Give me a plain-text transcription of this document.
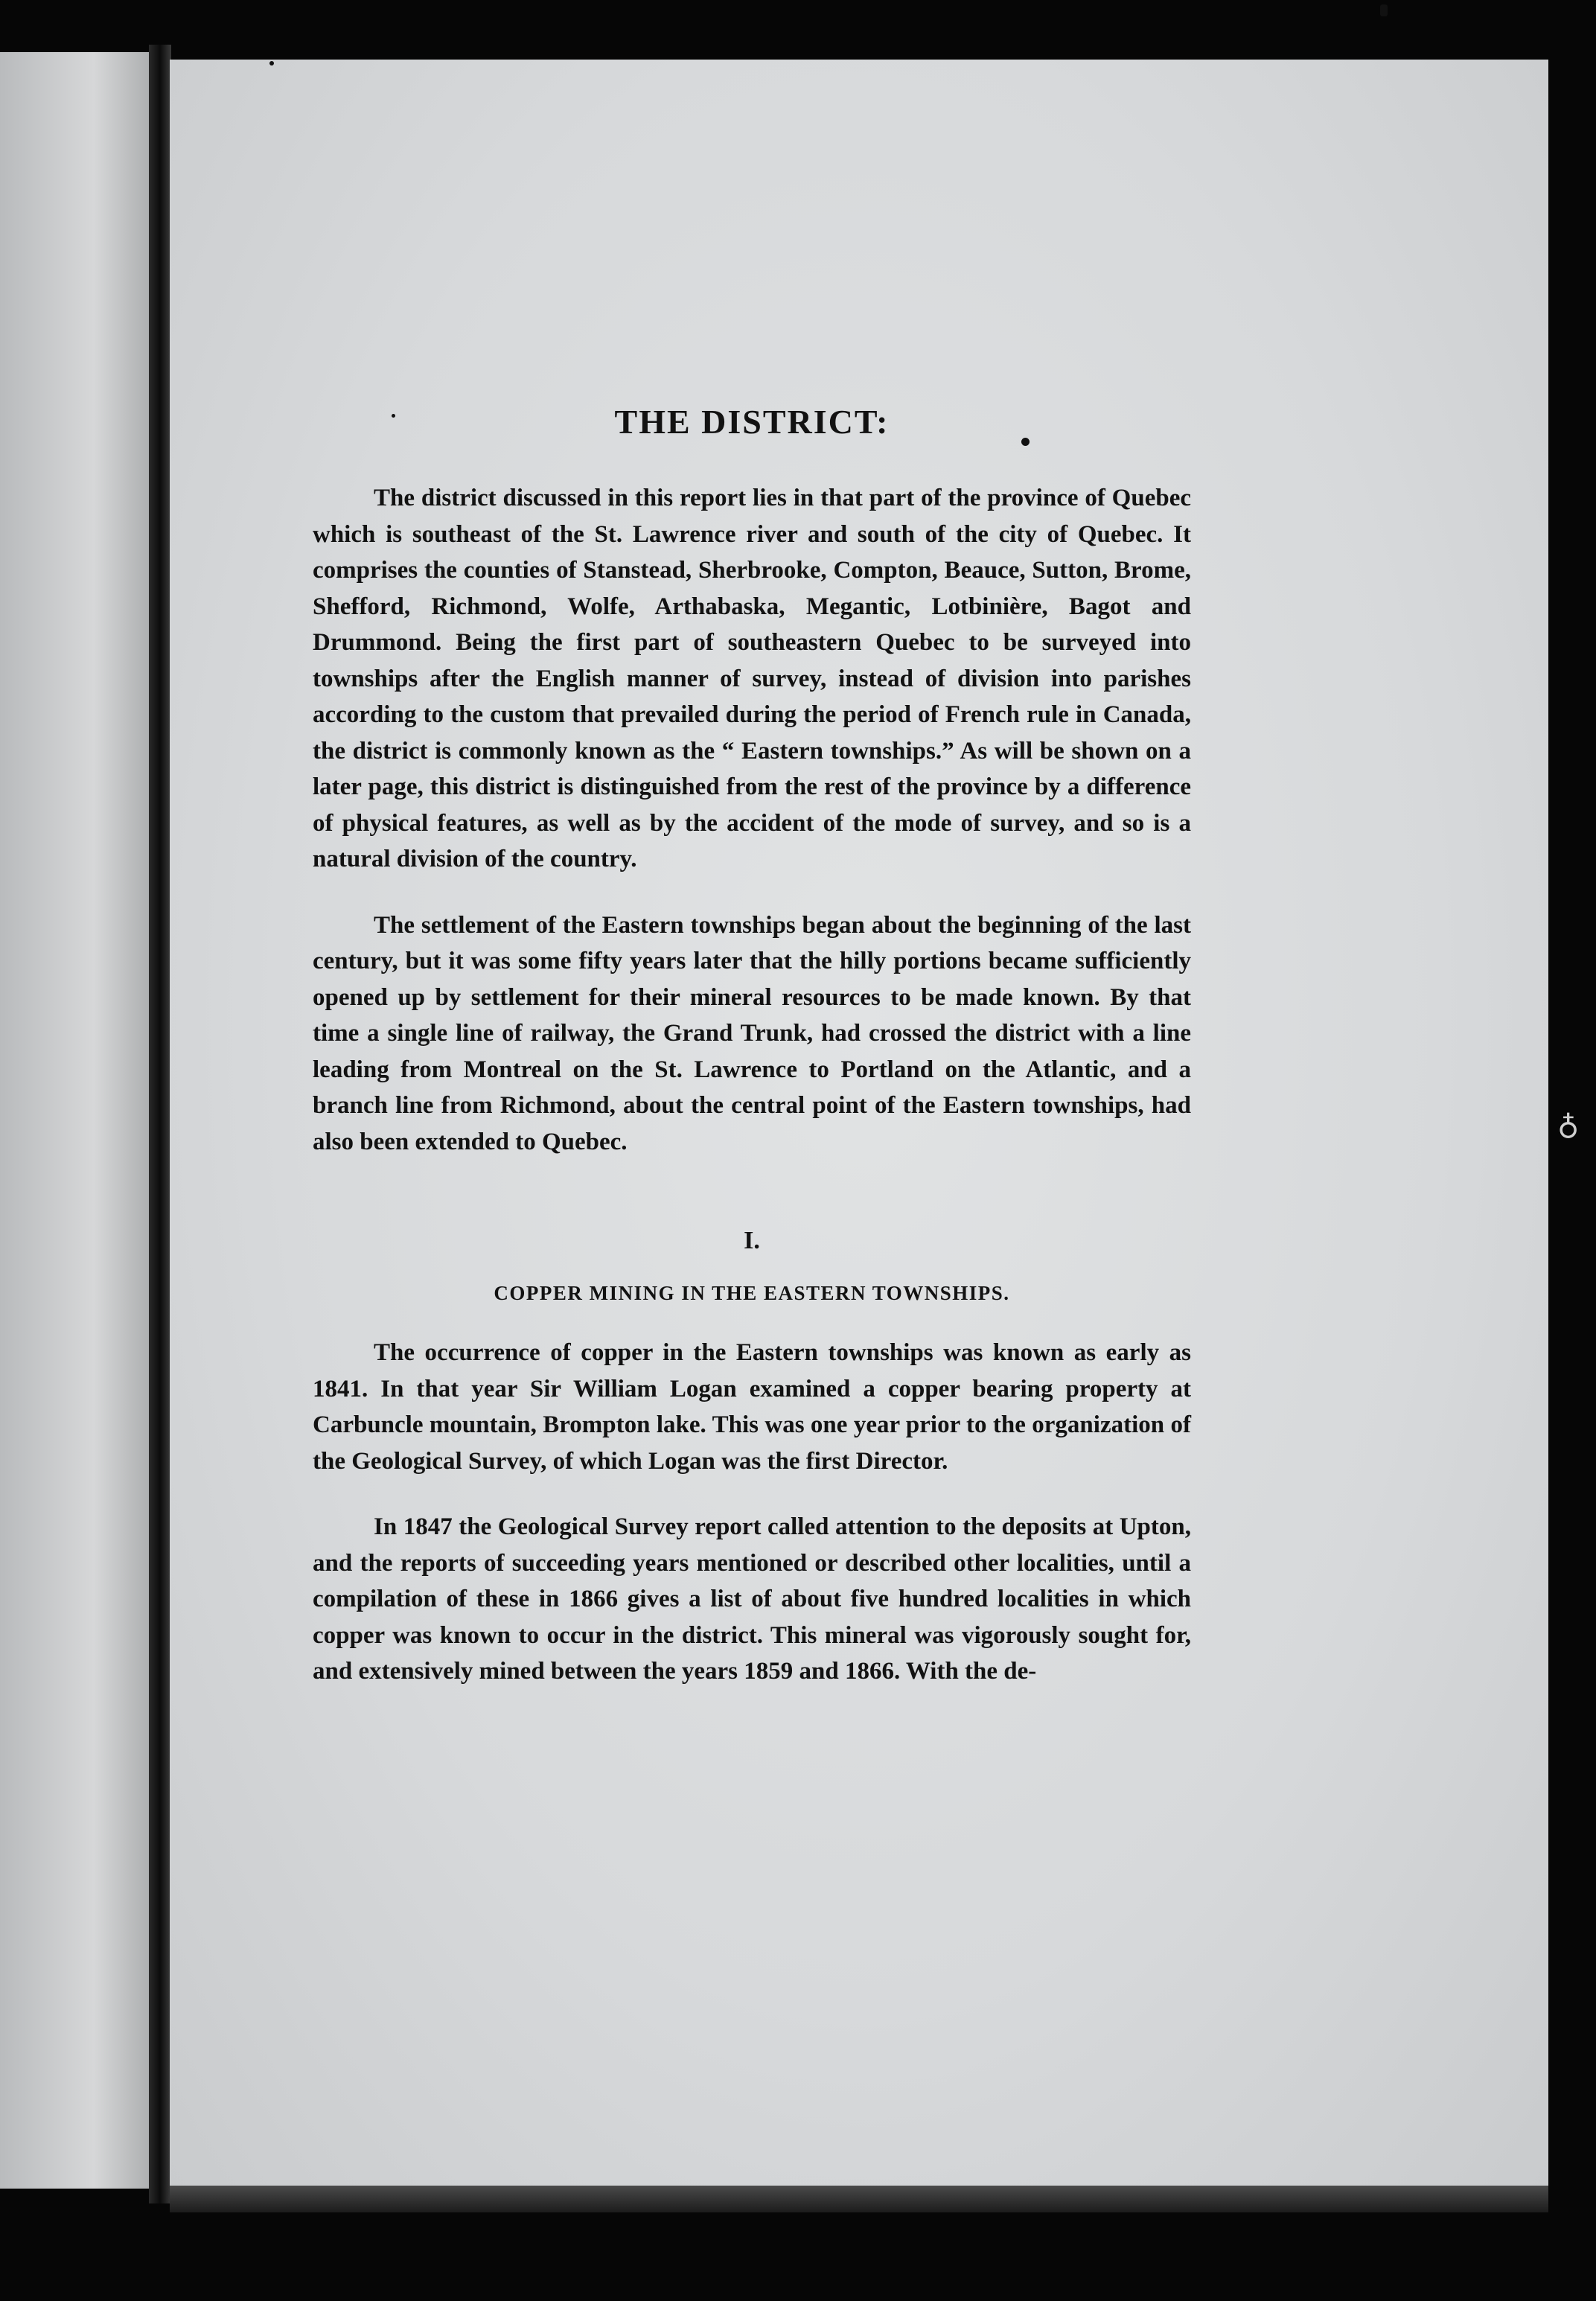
♁
THE DISTRICT:

The district discussed in this report lies in that part of the province of Quebec which is southeast of the St. Lawrence river and south of the city of Quebec. It comprises the counties of Stanstead, Sherbrooke, Compton, Beauce, Sutton, Brome, Shefford, Richmond, Wolfe, Arthabaska, Megantic, Lotbinière, Bagot and Drummond. Being the first part of southeastern Quebec to be surveyed into townships after the English manner of survey, instead of division into parishes according to the custom that prevailed during the period of French rule in Canada, the district is commonly known as the “ Eastern townships.” As will be shown on a later page, this district is distinguished from the rest of the province by a difference of physical features, as well as by the accident of the mode of survey, and so is a natural division of the country.

The settlement of the Eastern townships began about the beginning of the last century, but it was some fifty years later that the hilly portions became sufficiently opened up by settlement for their mineral resources to be made known. By that time a single line of railway, the Grand Trunk, had crossed the district with a line leading from Montreal on the St. Lawrence to Portland on the Atlantic, and a branch line from Richmond, about the central point of the Eastern townships, had also been extended to Quebec.

I.
COPPER MINING IN THE EASTERN TOWNSHIPS.

The occurrence of copper in the Eastern townships was known as early as 1841. In that year Sir William Logan examined a copper bearing property at Carbuncle mountain, Brompton lake. This was one year prior to the organization of the Geological Survey, of which Logan was the first Director.

In 1847 the Geological Survey report called attention to the deposits at Upton, and the reports of succeeding years mentioned or described other localities, until a compilation of these in 1866 gives a list of about five hundred localities in which copper was known to occur in the district. This mineral was vigorously sought for, and extensively mined between the years 1859 and 1866. With the de-
